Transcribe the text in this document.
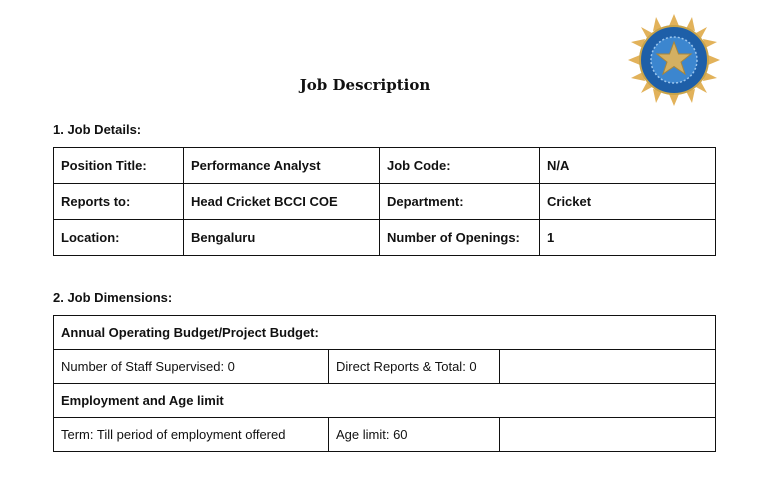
Job Description
1. Job Details:
Position Title:	Performance Analyst	Job Code:	N/A
Reports to:	Head Cricket BCCI COE	Department:	Cricket
Location:	Bengaluru	Number of Openings:	1
2. Job Dimensions:
Annual Operating Budget/Project Budget:		
Number of Staff Supervised: 0	Direct Reports & Total: 0	
Employment and Age limit		
Term: Till period of employment offered	Age limit: 60	
